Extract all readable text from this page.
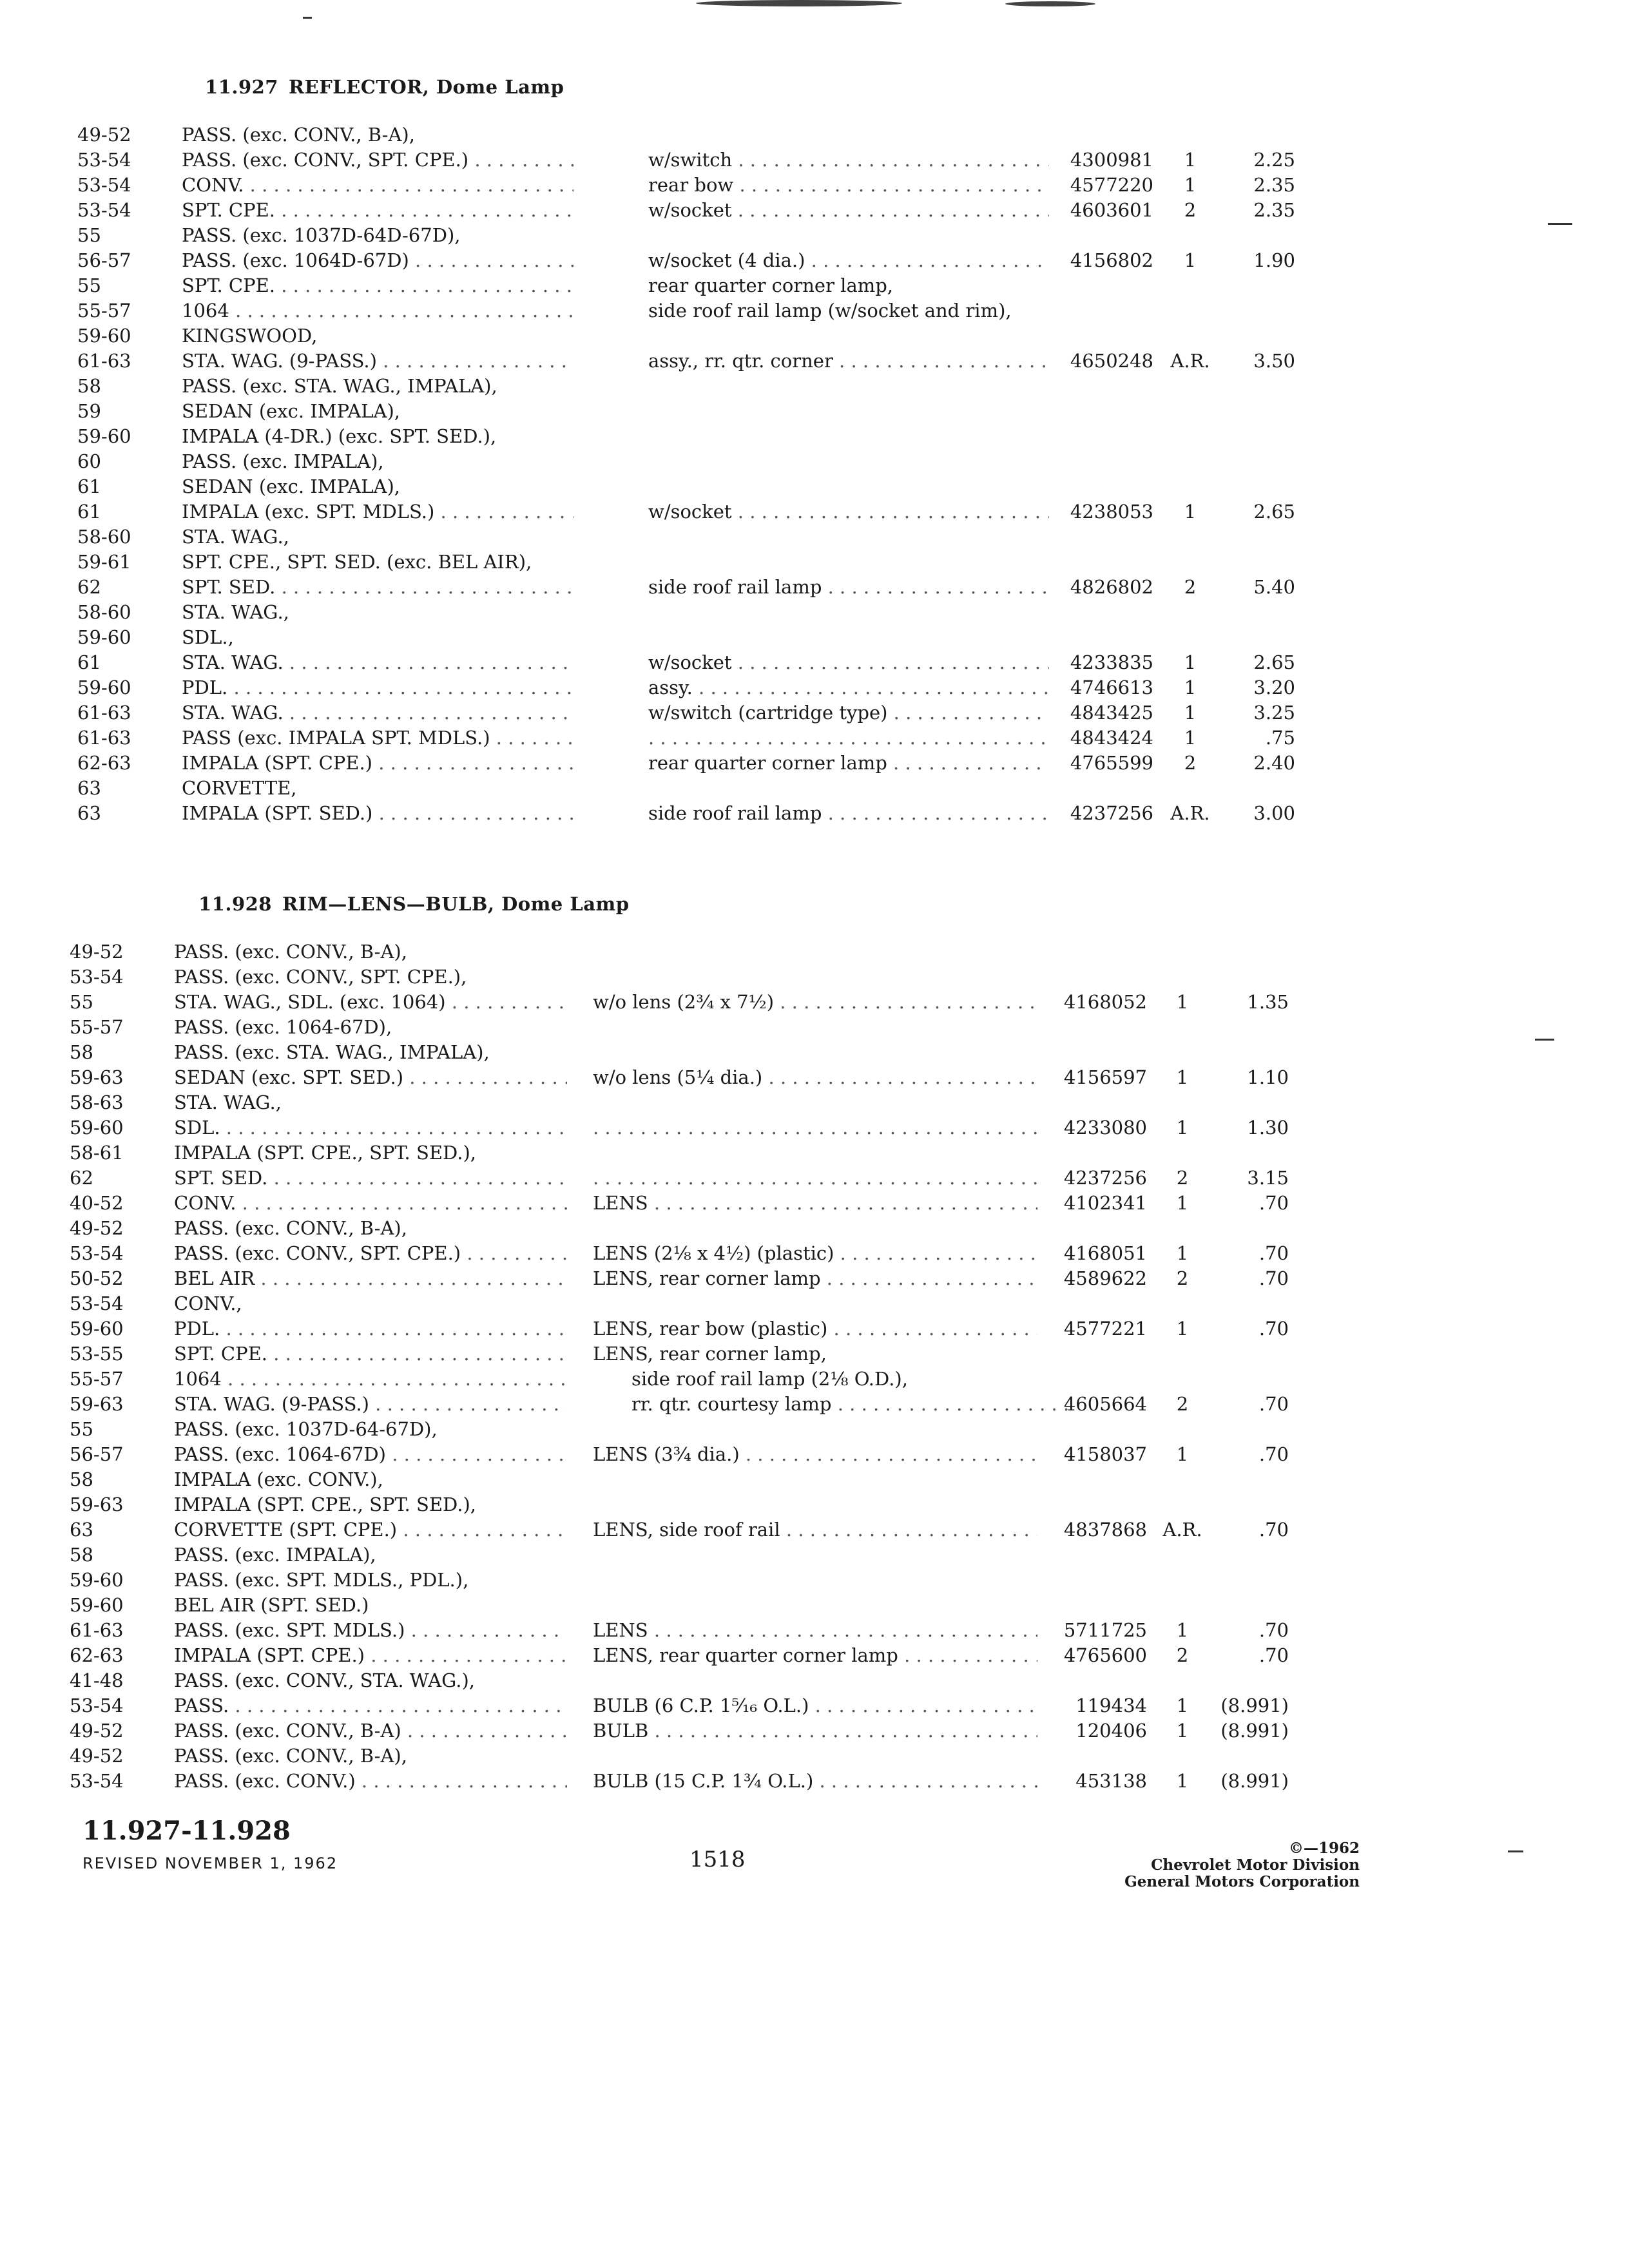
11.927 REFLECTOR, Dome Lamp
49-52	PASS. (exc. CONV., B-A),
53-54	PASS. (exc. CONV., SPT. CPE.) . . .	w/switch . . .	4300981	1	2.25
53-54	CONV. . . .	rear bow . . .	4577220	1	2.35
53-54	SPT. CPE. . . .	w/socket . . .	4603601	2	2.35
55	PASS. (exc. 1037D-64D-67D),
56-57	PASS. (exc. 1064D-67D) . . .	w/socket (4 dia.) . . .	4156802	1	1.90
55	SPT. CPE. . . .	rear quarter corner lamp,
55-57	1064 . . .	side roof rail lamp (w/socket and rim),
59-60	KINGSWOOD,
61-63	STA. WAG. (9-PASS.) . . .	assy., rr. qtr. corner . . .	4650248 A.R.	3.50
58	PASS. (exc. STA. WAG., IMPALA),
59	SEDAN (exc. IMPALA),
59-60	IMPALA (4-DR.) (exc. SPT. SED.),
60	PASS. (exc. IMPALA),
61	SEDAN (exc. IMPALA),
61	IMPALA (exc. SPT. MDLS.) . . .	w/socket . . .	4238053	1	2.65
58-60	STA. WAG.,
59-61	SPT. CPE., SPT. SED. (exc. BEL AIR),
62	SPT. SED. . . .	side roof rail lamp . . .	4826802	2	5.40
58-60	STA. WAG.,
59-60	SDL.,
61	STA. WAG. . . .	w/socket . . .	4233835	1	2.65
59-60	PDL. . . .	assy. . . .	4746613	1	3.20
61-63	STA. WAG. . . .	w/switch (cartridge type) . . .	4843425	1	3.25
61-63	PASS (exc. IMPALA SPT. MDLS.) . . . . . .	4843424	1	.75
62-63	IMPALA (SPT. CPE.) . . .	rear quarter corner lamp . . .	4765599	2	2.40
63	CORVETTE,
63	IMPALA (SPT. SED.) . . .	side roof rail lamp . . .	4237256 A.R.	3.00
11.928 RIM—LENS—BULB, Dome Lamp
49-52	PASS. (exc. CONV., B-A),
53-54	PASS. (exc. CONV., SPT. CPE.),
55	STA. WAG., SDL. (exc. 1064) . . .	w/o lens (2¾ x 7½) . . .	4168052	1	1.35
55-57	PASS. (exc. 1064-67D),
58	PASS. (exc. STA. WAG., IMPALA),
59-63	SEDAN (exc. SPT. SED.) . . .	w/o lens (5¼ dia.) . . .	4156597	1	1.10
58-63	STA. WAG.,
59-60	SDL. . . . . . .	4233080	1	1.30
58-61	IMPALA (SPT. CPE., SPT. SED.),
62	SPT. SED. . . . . . .	4237256	2	3.15
40-52	CONV. . . .	LENS . . .	4102341	1	.70
49-52	PASS. (exc. CONV., B-A),
53-54	PASS. (exc. CONV., SPT. CPE.) . . .	LENS (2⅛ x 4½) (plastic) . . .	4168051	1	.70
50-52	BEL AIR . . .	LENS, rear corner lamp . . .	4589622	2	.70
53-54	CONV.,
59-60	PDL. . . .	LENS, rear bow (plastic) . . .	4577221	1	.70
53-55	SPT. CPE. . . .	LENS, rear corner lamp,
55-57	1064 . . .	side roof rail lamp (2⅛ O.D.),
59-63	STA. WAG. (9-PASS.) . . .	rr. qtr. courtesy lamp . . .	4605664	2	.70
55	PASS. (exc. 1037D-64-67D),
56-57	PASS. (exc. 1064-67D) . . .	LENS (3¾ dia.) . . .	4158037	1	.70
58	IMPALA (exc. CONV.),
59-63	IMPALA (SPT. CPE., SPT. SED.),
63	CORVETTE (SPT. CPE.) . . .	LENS, side roof rail . . .	4837868 A.R.	.70
58	PASS. (exc. IMPALA),
59-60	PASS. (exc. SPT. MDLS., PDL.),
59-60	BEL AIR (SPT. SED.)
61-63	PASS. (exc. SPT. MDLS.) . . .	LENS . . .	5711725	1	.70
62-63	IMPALA (SPT. CPE.) . . .	LENS, rear quarter corner lamp . . .	4765600	2	.70
41-48	PASS. (exc. CONV., STA. WAG.),
53-54	PASS. . . .	BULB (6 C.P. 1⁵⁄₁₆ O.L.) . . .	119434	1	(8.991)
49-52	PASS. (exc. CONV., B-A) . . .	BULB . . .	120406	1	(8.991)
49-52	PASS. (exc. CONV., B-A),
53-54	PASS. (exc. CONV.) . . .	BULB (15 C.P. 1¾ O.L.) . . .	453138	1	(8.991)
11.927-11.928
REVISED NOVEMBER 1, 1962	1518	©—1962
Chevrolet Motor Division
General Motors Corporation
